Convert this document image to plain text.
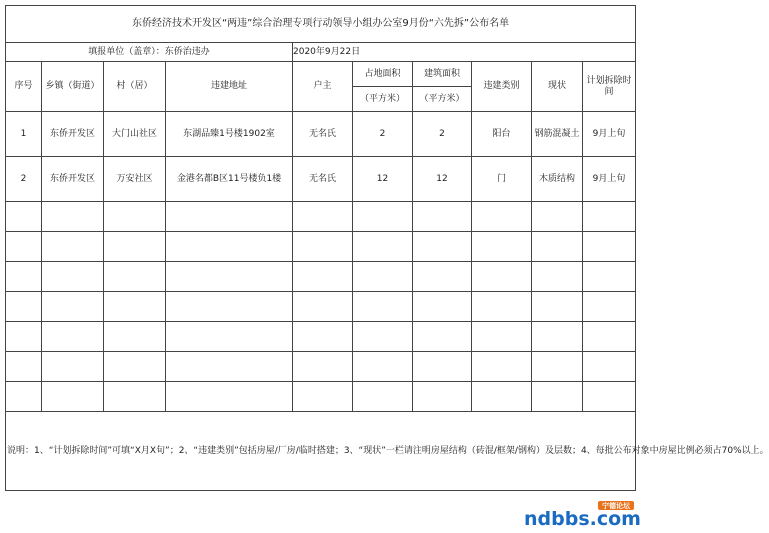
东侨经济技术开发区“两违”综合治理专项行动领导小组办公室9月份“六先拆”公布名单									
填报单位（盖章）：东侨治违办				2020年9月22日					
序号	乡镇（街道）	村（居）	违建地址	户主	占地面积	建筑面积	违建类别	现状	计划拆除时间
					（平方米）	（平方米）			
1	东侨开发区	大门山社区	东湖品臻1号楼1902室	无名氏	2	2	阳台	钢筋混凝土	9月上旬
2	东侨开发区	万安社区	金港名都B区11号楼负1楼	无名氏	12	12	门	木质结构	9月上旬

说明：1、“计划拆除时间”可填“X月X旬”；2、“违建类别”包括房屋/厂房/临时搭建；3、“现状”一栏请注明房屋结构（砖混/框架/钢构）及层数；4、每批公布对象中房屋比例必须占70%以上。									
宁德论坛
ndbbs.com
